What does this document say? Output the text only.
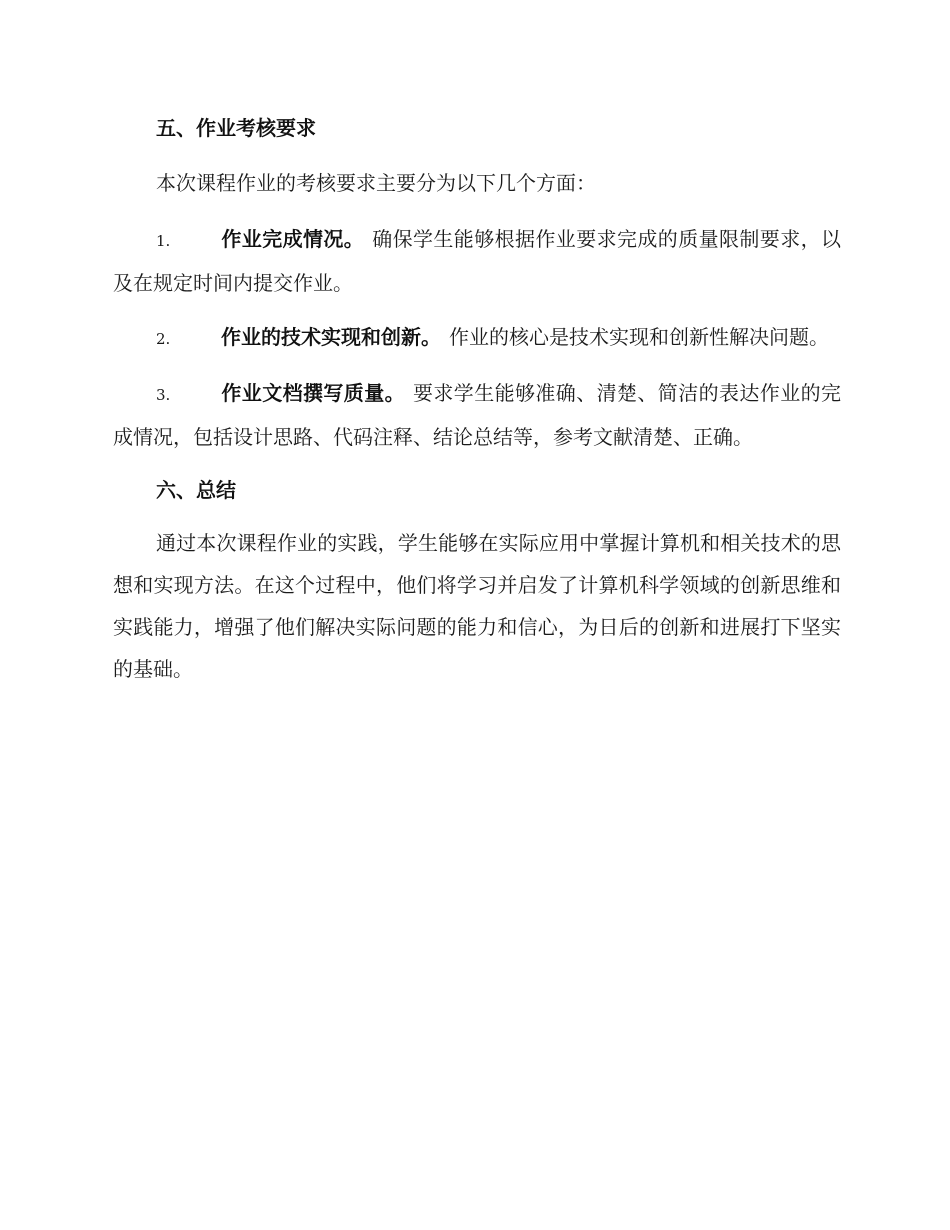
五、作业考核要求

本次课程作业的考核要求主要分为以下几个方面：

1.	作业完成情况。 确保学生能够根据作业要求完成的质量限制要求，以及在规定时间内提交作业。

2.	作业的技术实现和创新。 作业的核心是技术实现和创新性解决问题。

3.	作业文档撰写质量。 要求学生能够准确、清楚、简洁的表达作业的完成情况，包括设计思路、代码注释、结论总结等，参考文献清楚、正确。

六、总结

通过本次课程作业的实践，学生能够在实际应用中掌握计算机和相关技术的思想和实现方法。在这个过程中，他们将学习并启发了计算机科学领域的创新思维和实践能力，增强了他们解决实际问题的能力和信心，为日后的创新和进展打下坚实的基础。
